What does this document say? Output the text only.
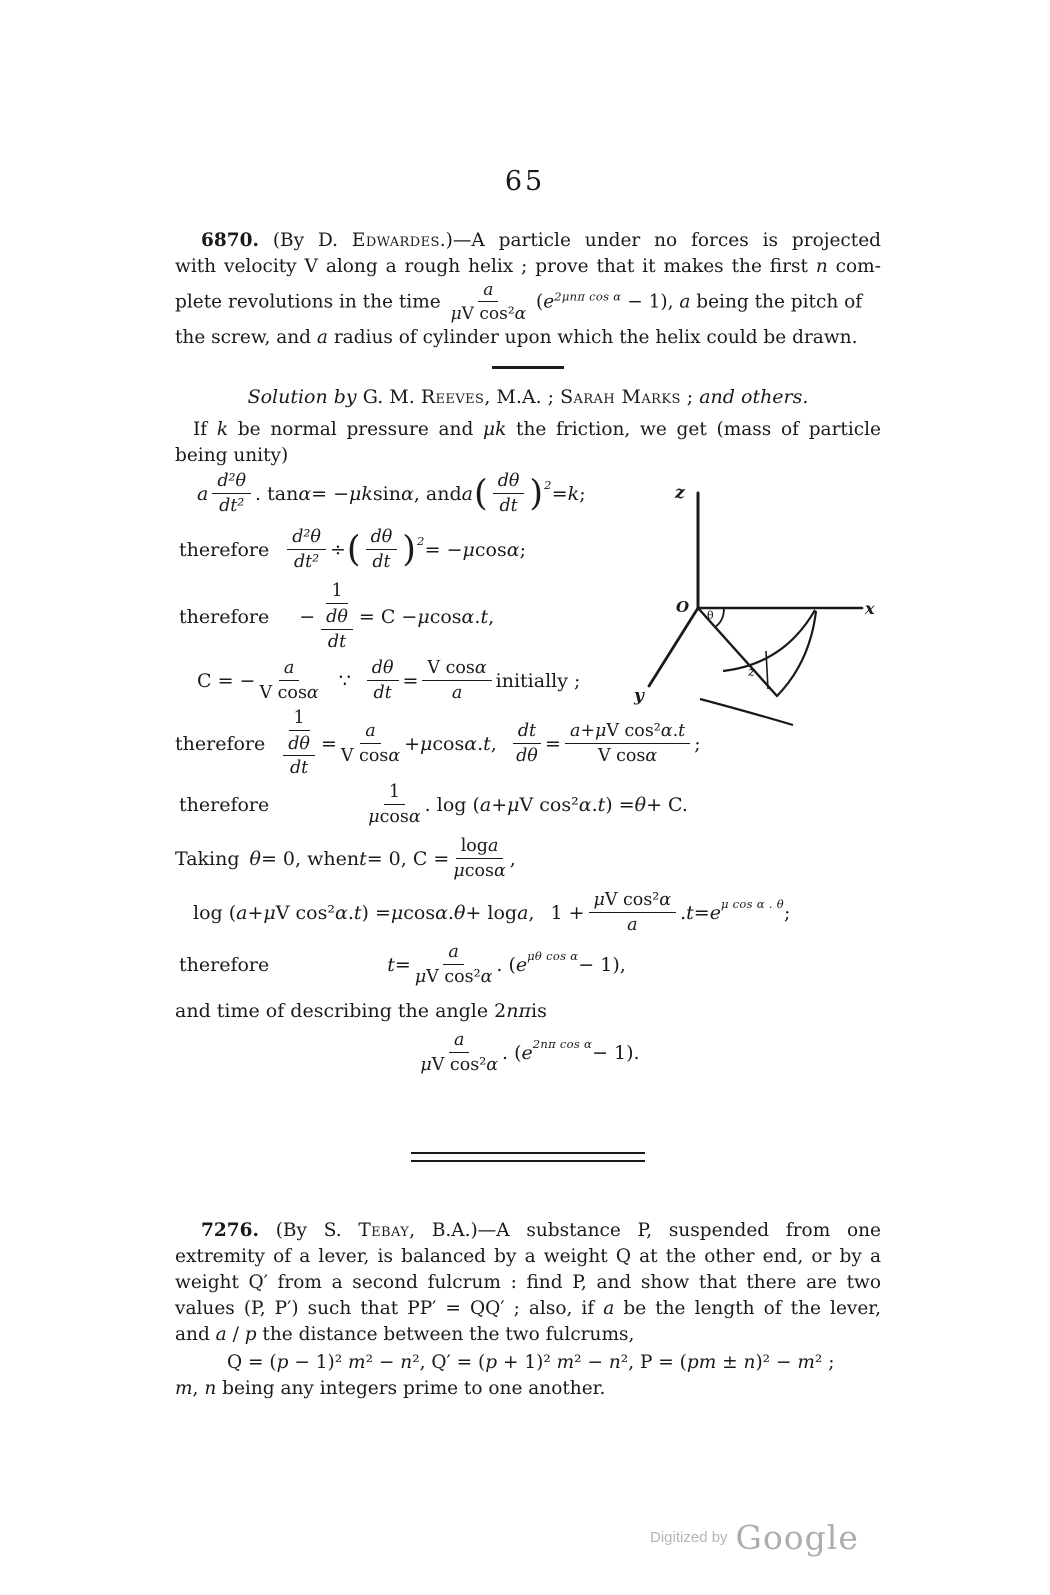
65
6870. (By D. Edwardes.)—A particle under no forces is projected
with velocity V along a rough helix ; prove that it makes the first n com-
plete revolutions in the time $\frac{a}{\text{μ V cos² α}} (e^{2\mu n\pi cos \alpha} - 1)$, a being the pitch of
the screw, and a radius of cylinder upon which the helix could be drawn.
Solution by G. M. Reeves, M.A. ; Sarah Marks ; and others.
If k be normal pressure and μk the friction, we get (mass of particle
being unity)
a $\frac{\text{d²θ}}{\text{dt²}}$ . tan α = − μk sin α , and a ( $\frac{d\theta}{dt}$ ) 2 = k ;
therefore $\frac{\text{d²θ}}{\text{dt²}}$ ÷ ( $\frac{d\theta}{dt}$ ) 2 = − μ cos α ;
therefore − $\frac{1}{\frac{d\theta}{dt}} = C - \mu$ cos α . t ,
C = − $\frac{a}{\text{V cos α}}$ ∵ $\frac{d\theta}{dt} = \frac{\text{V cos α}}{a}$ initially ;
therefore $\frac{1}{\frac{d\theta}{dt}} = \frac{a}{\text{V cos α}} + \mu$ cos α . t , $\frac{dt}{d\theta} = \frac{\text{a + μ V cos² α . t}}{\text{V cos α}}$ ;
therefore	$\frac{1}{\text{μ cos α}}$ . log ( a + μ V cos² α . t ) = θ + C.
Taking θ = 0, when t = 0, $C = \frac{\text{log a}}{\text{μ cos α}}$ ,
log ( a + μ V cos² α . t ) = μ cos α . θ + log a , $1 + \frac{\text{μ V cos² α}}{a}$ . t = e μ cos α . θ ;
therefore	$t = \frac{a}{\text{μ V cos² α}}$ . ( e μθ cos α − 1),
and time of describing the angle 2 nπ is
$\frac{a}{\text{μ V cos² α}}$ . ( e 2nπ cos α − 1).
z
O θ	x
y
z
7276. (By S. Tebay, B.A.)—A substance P, suspended from one
extremity of a lever, is balanced by a weight Q at the other end, or by a
weight Q′ from a second fulcrum : find P, and show that there are two
values (P, P′) such that PP′ = QQ′ ; also, if a be the length of the lever,
and a / p the distance between the two fulcrums,
Q = (p − 1)² m² − n², Q′ = (p + 1)² m² − n², P = (pm ± n)² − m² ;
m, n being any integers prime to one another.
Digitized by Google
